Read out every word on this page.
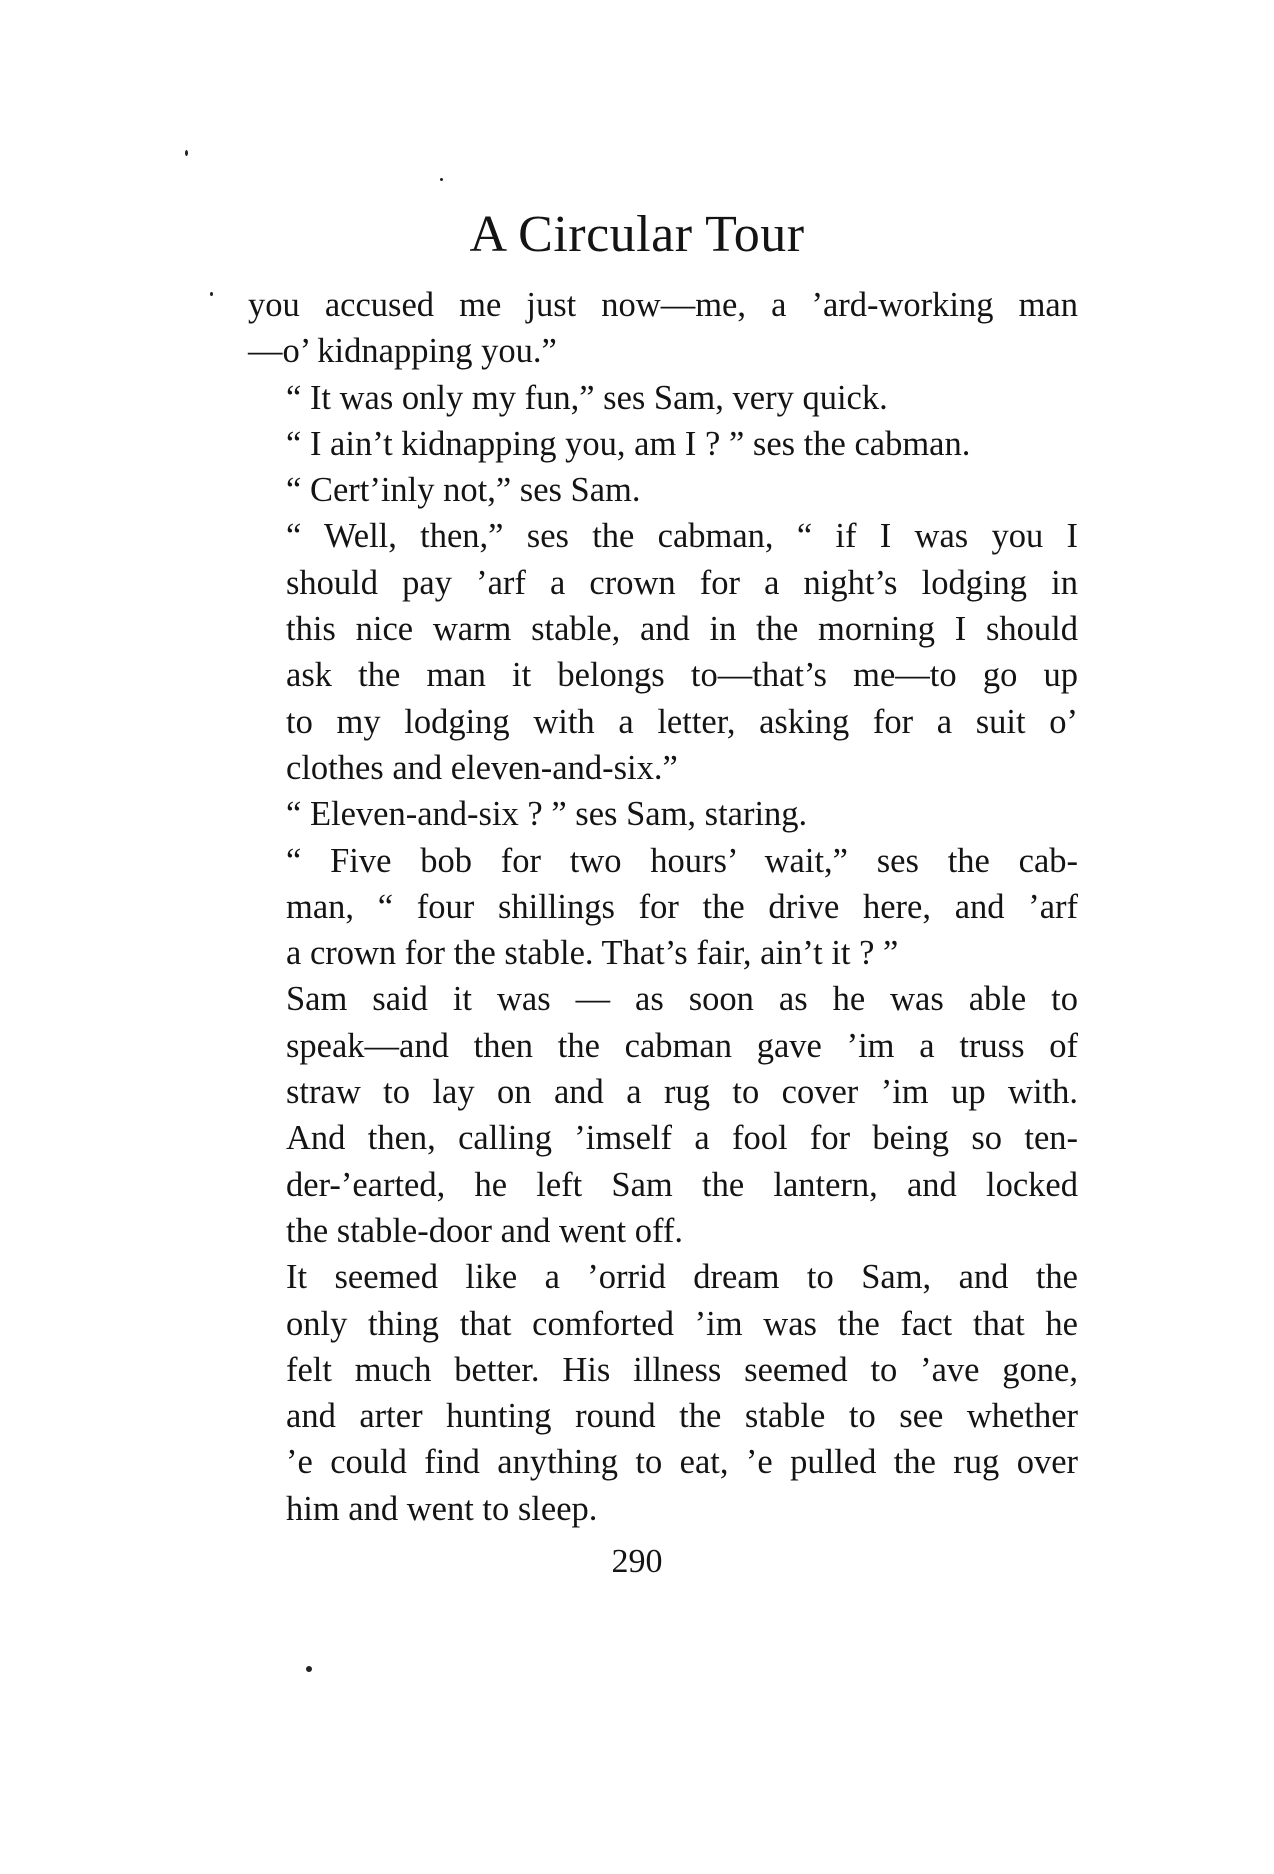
A Circular Tour

you accused me just now—me, a ’ard-working man
—o’ kidnapping you.”

“ It was only my fun,” ses Sam, very quick.

“ I ain’t kidnapping you, am I ? ” ses the cabman.

“ Cert’inly not,” ses Sam.

“ Well, then,” ses the cabman, “ if I was you I
should pay ’arf a crown for a night’s lodging in
this nice warm stable, and in the morning I should
ask the man it belongs to—that’s me—to go up
to my lodging with a letter, asking for a suit o’
clothes and eleven-and-six.”

“ Eleven-and-six ? ” ses Sam, staring.

“ Five bob for two hours’ wait,” ses the cab-
man, “ four shillings for the drive here, and ’arf
a crown for the stable. That’s fair, ain’t it ? ”

Sam said it was — as soon as he was able to
speak—and then the cabman gave ’im a truss of
straw to lay on and a rug to cover ’im up with.
And then, calling ’imself a fool for being so ten-
der-’earted, he left Sam the lantern, and locked
the stable-door and went off.

It seemed like a ’orrid dream to Sam, and the
only thing that comforted ’im was the fact that he
felt much better. His illness seemed to ’ave gone,
and arter hunting round the stable to see whether
’e could find anything to eat, ’e pulled the rug over
him and went to sleep.

290
